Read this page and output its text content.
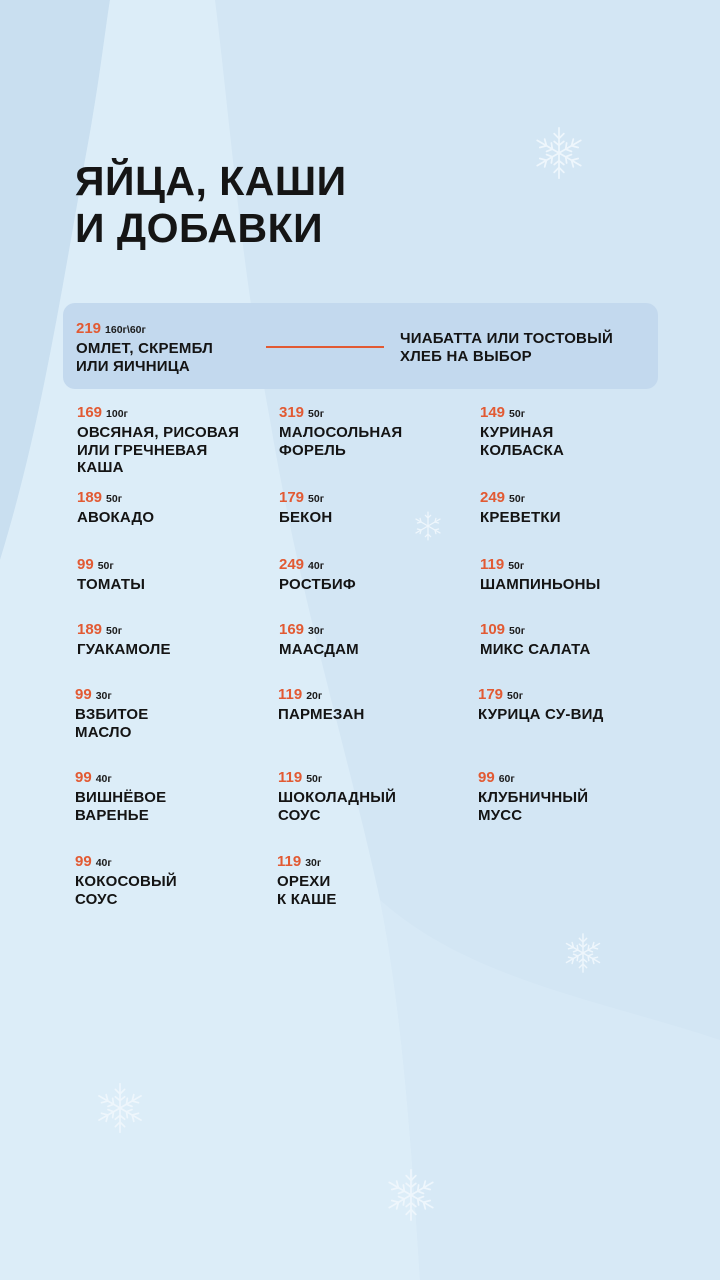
ЯЙЦА, КАШИ
И ДОБАВКИ
219 160г\60г
ОМЛЕТ, СКРЕМБЛ
ИЛИ ЯИЧНИЦА
ЧИАБАТТА ИЛИ ТОСТОВЫЙ
ХЛЕБ НА ВЫБОР
169 100г
ОВСЯНАЯ, РИСОВАЯ
ИЛИ ГРЕЧНЕВАЯ
КАША
319 50г
МАЛОСОЛЬНАЯ
ФОРЕЛЬ
149 50г
КУРИНАЯ
КОЛБАСКА
189 50г
АВОКАДО
179 50г
БЕКОН
249 50г
КРЕВЕТКИ
99 50г
ТОМАТЫ
249 40г
РОСТБИФ
119 50г
ШАМПИНЬОНЫ
189 50г
ГУАКАМОЛЕ
169 30г
МААСДАМ
109 50г
МИКС САЛАТА
99 30г
ВЗБИТОЕ
МАСЛО
119 20г
ПАРМЕЗАН
179 50г
КУРИЦА СУ-ВИД
99 40г
ВИШНЁВОЕ
ВАРЕНЬЕ
119 50г
ШОКОЛАДНЫЙ
СОУС
99 60г
КЛУБНИЧНЫЙ
МУСС
99 40г
КОКОСОВЫЙ
СОУС
119 30г
ОРЕХИ
К КАШЕ
